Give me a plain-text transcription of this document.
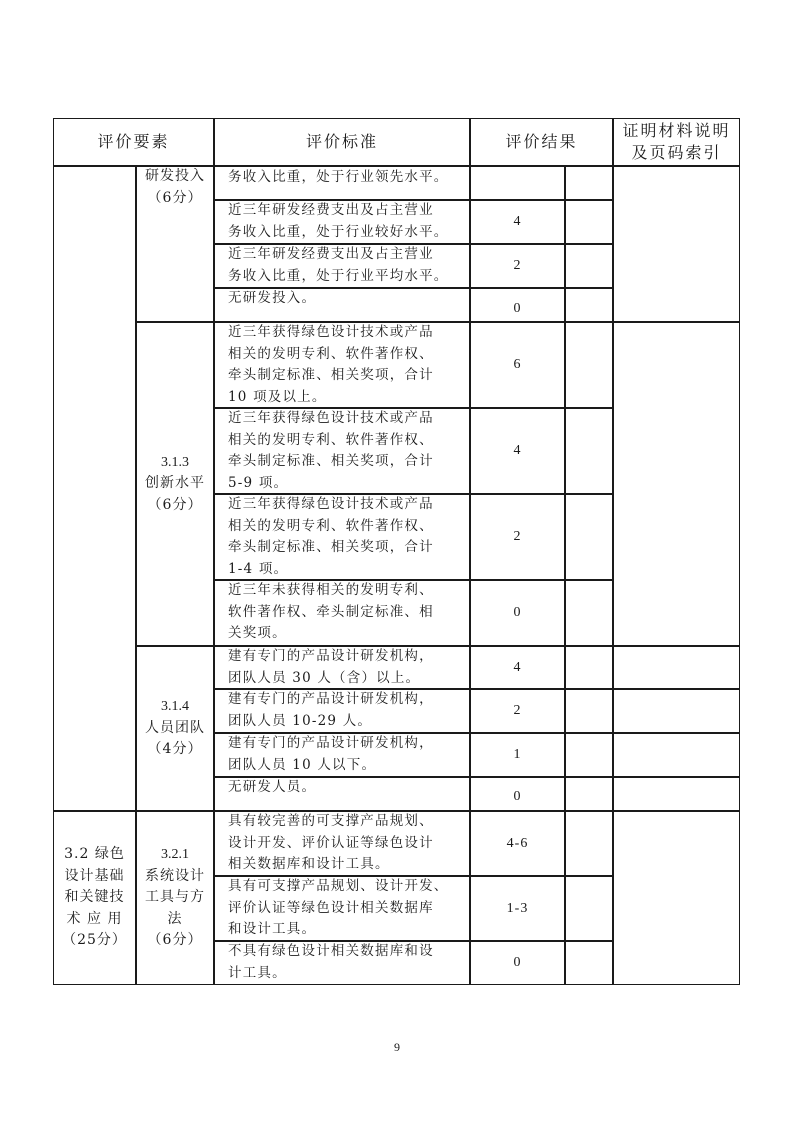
评价要素	评价标准	评价结果
证明材料说明
及页码索引
3.2 绿色
设计基础
和关键技
术 应 用
（25分）
研发投入
（6分）
3.1.3
创新水平
（6分）
3.1.4
人员团队
（4分）
3.2.1
系统设计
工具与方
法
（6分）
务收入比重，处于行业领先水平。
近三年研发经费支出及占主营业
务收入比重，处于行业较好水平。
4
近三年研发经费支出及占主营业
务收入比重，处于行业平均水平。
2
无研发投入。
0
近三年获得绿色设计技术或产品
相关的发明专利、软件著作权、
牵头制定标准、相关奖项，合计
10 项及以上。
6
近三年获得绿色设计技术或产品
相关的发明专利、软件著作权、
牵头制定标准、相关奖项，合计
5-9 项。
4
近三年获得绿色设计技术或产品
相关的发明专利、软件著作权、
牵头制定标准、相关奖项，合计
1-4 项。
2
近三年未获得相关的发明专利、
软件著作权、牵头制定标准、相
关奖项。
0
建有专门的产品设计研发机构，
团队人员 30 人（含）以上。
4
建有专门的产品设计研发机构，
团队人员 10-29 人。
2
建有专门的产品设计研发机构，
团队人员 10 人以下。
1
无研发人员。
0
具有较完善的可支撑产品规划、
设计开发、评价认证等绿色设计
相关数据库和设计工具。
4-6
具有可支撑产品规划、设计开发、
评价认证等绿色设计相关数据库
和设计工具。
1-3
不具有绿色设计相关数据库和设
计工具。
0
9
